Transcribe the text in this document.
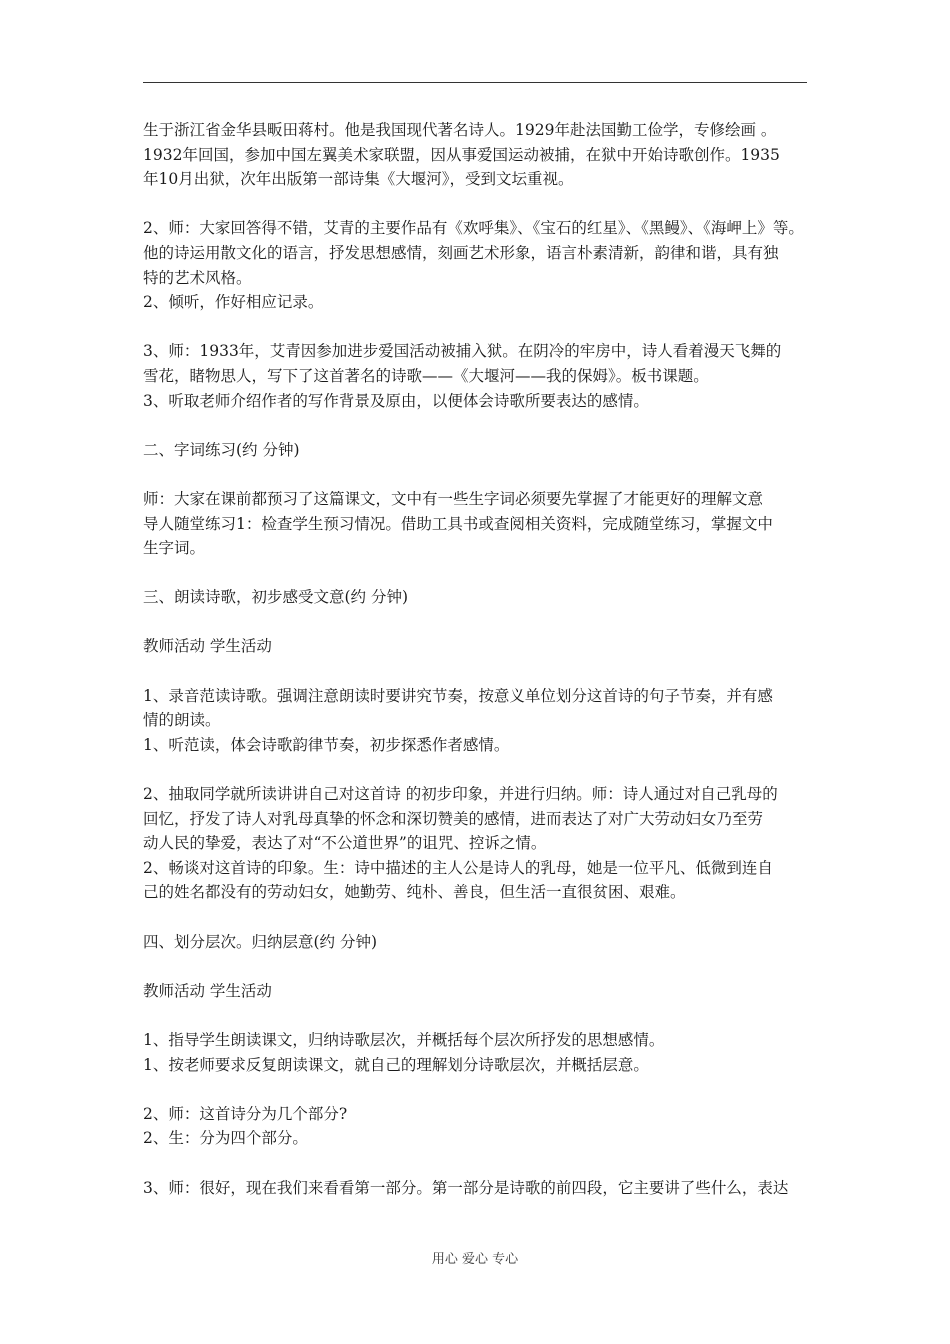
生于浙江省金华县畈田蒋村。他是我国现代著名诗人。1929年赴法国勤工俭学，专修绘画 。
1932年回国，参加中国左翼美术家联盟，因从事爱国运动被捕，在狱中开始诗歌创作。1935
年10月出狱，次年出版第一部诗集《大堰河》，受到文坛重视。
2、师：大家回答得不错，艾青的主要作品有《欢呼集》、《宝石的红星》、《黑鳗》、《海岬上》等。
他的诗运用散文化的语言，抒发思想感情，刻画艺术形象，语言朴素清新，韵律和谐，具有独
特的艺术风格。
2、倾听，作好相应记录。
3、师：1933年，艾青因参加进步爱国活动被捕入狱。在阴冷的牢房中，诗人看着漫天飞舞的
雪花，睹物思人，写下了这首著名的诗歌——《大堰河——我的保姆》。板书课题。
3、听取老师介绍作者的写作背景及原由，以便体会诗歌所要表达的感情。
二、字词练习(约 分钟)
师：大家在课前都预习了这篇课文，文中有一些生字词必须要先掌握了才能更好的理解文意
导人随堂练习1：检查学生预习情况。借助工具书或查阅相关资料，完成随堂练习，掌握文中
生字词。
三、朗读诗歌，初步感受文意(约 分钟)
教师活动 学生活动
1、录音范读诗歌。强调注意朗读时要讲究节奏，按意义单位划分这首诗的句子节奏，并有感
情的朗读。
1、听范读，体会诗歌韵律节奏，初步探悉作者感情。
2、抽取同学就所读讲讲自己对这首诗 的初步印象，并进行归纳。师：诗人通过对自己乳母的
回忆，抒发了诗人对乳母真挚的怀念和深切赞美的感情，进而表达了对广大劳动妇女乃至劳
动人民的挚爱，表达了对“不公道世界”的诅咒、控诉之情。
2、畅谈对这首诗的印象。生：诗中描述的主人公是诗人的乳母，她是一位平凡、低微到连自
己的姓名都没有的劳动妇女，她勤劳、纯朴、善良，但生活一直很贫困、艰难。
四、划分层次。归纳层意(约 分钟)
教师活动 学生活动
1、指导学生朗读课文，归纳诗歌层次，并概括每个层次所抒发的思想感情。
1、按老师要求反复朗读课文，就自己的理解划分诗歌层次，并概括层意。
2、师：这首诗分为几个部分?
2、生：分为四个部分。
3、师：很好，现在我们来看看第一部分。第一部分是诗歌的前四段，它主要讲了些什么，表达
用心 爱心 专心
